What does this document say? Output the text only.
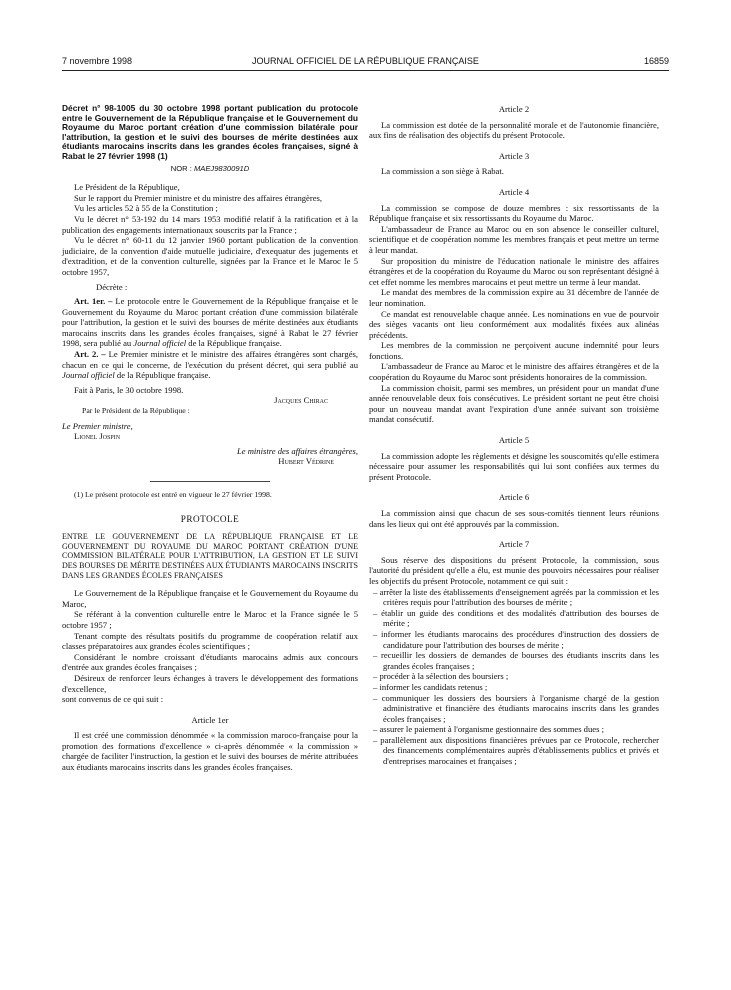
7 novembre 1998	JOURNAL OFFICIEL DE LA RÉPUBLIQUE FRANÇAISE	16859

Décret n° 98-1005 du 30 octobre 1998 portant publication du protocole entre le Gouvernement de la République française et le Gouvernement du Royaume du Maroc portant création d'une commission bilatérale pour l'attribution, la gestion et le suivi des bourses de mérite destinées aux étudiants marocains inscrits dans les grandes écoles françaises, signé à Rabat le 27 février 1998 (1)

NOR : MAEJ9830091D

Le Président de la République,

Sur le rapport du Premier ministre et du ministre des affaires étrangères,

Vu les articles 52 à 55 de la Constitution ;

Vu le décret n° 53-192 du 14 mars 1953 modifié relatif à la ratification et à la publication des engagements internationaux souscrits par la France ;

Vu le décret n° 60-11 du 12 janvier 1960 portant publication de la convention judiciaire, de la convention d'aide mutuelle judiciaire, d'exequatur des jugements et d'extradition, et de la convention culturelle, signées par la France et le Maroc le 5 octobre 1957,

Décrète :

Art. 1er. – Le protocole entre le Gouvernement de la République française et le Gouvernement du Royaume du Maroc portant création d'une commission bilatérale pour l'attribution, la gestion et le suivi des bourses de mérite destinées aux étudiants marocains inscrits dans les grandes écoles françaises, signé à Rabat le 27 février 1998, sera publié au Journal officiel de la République française.

Art. 2. – Le Premier ministre et le ministre des affaires étrangères sont chargés, chacun en ce qui le concerne, de l'exécution du présent décret, qui sera publié au Journal officiel de la République française.

Fait à Paris, le 30 octobre 1998.

Jacques Chirac

Par le Président de la République :

Le Premier ministre,

Lionel Jospin

Le ministre des affaires étrangères,

Hubert Védrine

(1) Le présent protocole est entré en vigueur le 27 février 1998.

PROTOCOLE

ENTRE LE GOUVERNEMENT DE LA RÉPUBLIQUE FRANÇAISE ET LE GOUVERNEMENT DU ROYAUME DU MAROC PORTANT CRÉATION D'UNE COMMISSION BILATÉRALE POUR L'ATTRIBUTION, LA GESTION ET LE SUIVI DES BOURSES DE MÉRITE DESTINÉES AUX ÉTUDIANTS MAROCAINS INSCRITS DANS LES GRANDES ÉCOLES FRANÇAISES

Le Gouvernement de la République française et le Gouvernement du Royaume du Maroc,

Se référant à la convention culturelle entre le Maroc et la France signée le 5 octobre 1957 ;

Tenant compte des résultats positifs du programme de coopération relatif aux classes préparatoires aux grandes écoles scientifiques ;

Considérant le nombre croissant d'étudiants marocains admis aux concours d'entrée aux grandes écoles françaises ;

Désireux de renforcer leurs échanges à travers le développement des formations d'excellence,

sont convenus de ce qui suit :

Article 1er

Il est créé une commission dénommée « la commission maroco-française pour la promotion des formations d'excellence » ci-après dénommée « la commission » chargée de faciliter l'instruction, la gestion et le suivi des bourses de mérite attribuées aux étudiants marocains inscrits dans les grandes écoles françaises.

Article 2

La commission est dotée de la personnalité morale et de l'autonomie financière, aux fins de réalisation des objectifs du présent Protocole.

Article 3

La commission a son siège à Rabat.

Article 4

La commission se compose de douze membres : six ressortissants de la République française et six ressortissants du Royaume du Maroc.

L'ambassadeur de France au Maroc ou en son absence le conseiller culturel, scientifique et de coopération nomme les membres français et peut mettre un terme à leur mandat.

Sur proposition du ministre de l'éducation nationale le ministre des affaires étrangères et de la coopération du Royaume du Maroc ou son représentant désigné à cet effet nomme les membres marocains et peut mettre un terme à leur mandat.

Le mandat des membres de la commission expire au 31 décembre de l'année de leur nomination.

Ce mandat est renouvelable chaque année. Les nominations en vue de pourvoir des sièges vacants ont lieu conformément aux modalités fixées aux alinéas précédents.

Les membres de la commission ne perçoivent aucune indemnité pour leurs fonctions.

L'ambassadeur de France au Maroc et le ministre des affaires étrangères et de la coopération du Royaume du Maroc sont présidents honoraires de la commission.

La commission choisit, parmi ses membres, un président pour un mandat d'une année renouvelable deux fois consécutives. Le président sortant ne peut être choisi pour un nouveau mandat avant l'expiration d'une année suivant son troisième mandat consécutif.

Article 5

La commission adopte les règlements et désigne les souscomités qu'elle estimera nécessaire pour assumer les responsabilités qui lui sont confiées aux termes du présent Protocole.

Article 6

La commission ainsi que chacun de ses sous-comités tiennent leurs réunions dans les lieux qui ont été approuvés par la commission.

Article 7

Sous réserve des dispositions du présent Protocole, la commission, sous l'autorité du président qu'elle a élu, est munie des pouvoirs nécessaires pour réaliser les objectifs du présent Protocole, notamment ce qui suit :

– arrêter la liste des établissements d'enseignement agréés par la commission et les critères requis pour l'attribution des bourses de mérite ;

– établir un guide des conditions et des modalités d'attribution des bourses de mérite ;

– informer les étudiants marocains des procédures d'instruction des dossiers de candidature pour l'attribution des bourses de mérite ;

– recueillir les dossiers de demandes de bourses des étudiants inscrits dans les grandes écoles françaises ;

– procéder à la sélection des boursiers ;

– informer les candidats retenus ;

– communiquer les dossiers des boursiers à l'organisme chargé de la gestion administrative et financière des étudiants marocains inscrits dans les grandes écoles françaises ;

– assurer le paiement à l'organisme gestionnaire des sommes dues ;

– parallèlement aux dispositions financières prévues par ce Protocole, rechercher des financements complémentaires auprès d'établissements publics et privés et d'entreprises marocaines et françaises ;
